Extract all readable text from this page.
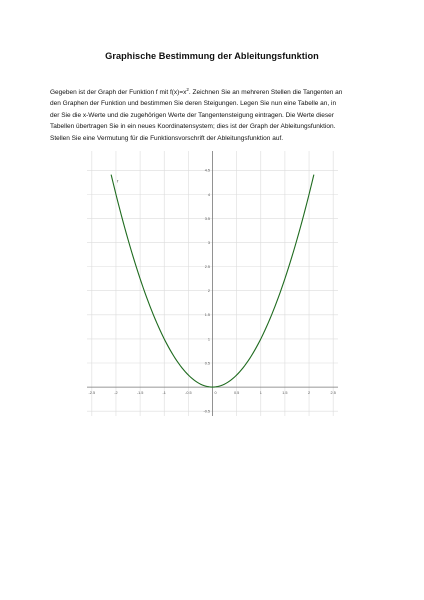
Graphische Bestimmung der Ableitungsfunktion
Gegeben ist der Graph der Funktion f mit $f(x)=x^2$. Zeichnen Sie an mehreren Stellen die Tangenten an
den Graphen der Funktion und bestimmen Sie deren Steigungen. Legen Sie nun eine Tabelle an, in
der Sie die x-Werte und die zugehörigen Werte der Tangentensteigung eintragen. Die Werte dieser
Tabellen übertragen Sie in ein neues Koordinatensystem; dies ist der Graph der Ableitungsfunktion.
Stellen Sie eine Vermutung für die Funktionsvorschrift der Ableitungsfunktion auf.
-2.5	-2	-1.5	-1	-0.5	0	0.5	1	1.5	2	2.5
4.5
4
3.5
3
2.5
2
1.5
1
0.5
-0.5
f
